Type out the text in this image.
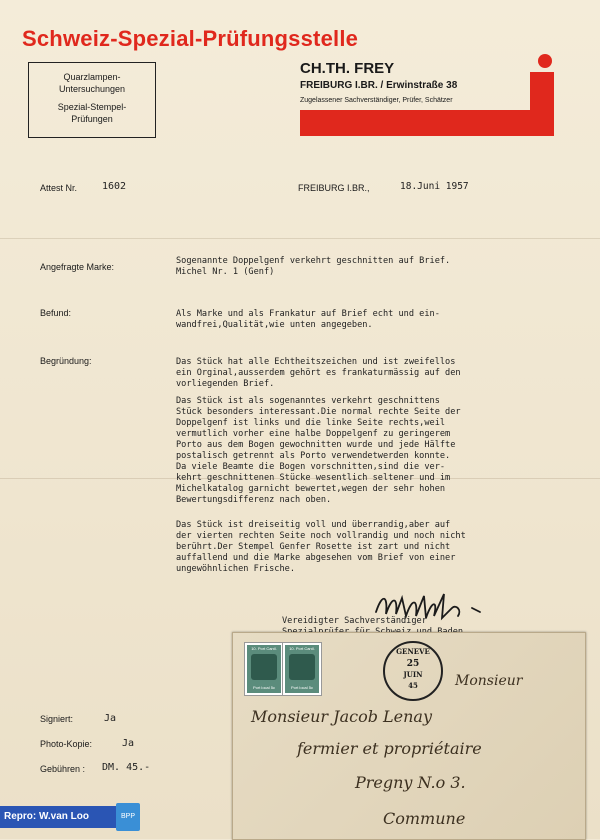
Schweiz-Spezial-Prüfungsstelle
Quarzlampen-
Untersuchungen
Spezial-Stempel-
Prüfungen
CH.TH. FREY
FREIBURG I.BR. / Erwinstraße 38
Zugelassener Sachverständiger, Prüfer, Schätzer
Attest Nr. 1602	FREIBURG I.BR.,	18.Juni 1957
Angefragte Marke:
Sogenannte Doppelgenf verkehrt geschnitten auf Brief.
Michel Nr. 1 (Genf)
Befund:	Als Marke und als Frankatur auf Brief echt und ein-
wandfrei,Qualität,wie unten angegeben.
Begründung:	Das Stück hat alle Echtheitszeichen und ist zweifellos
ein Orginal,ausserdem gehört es frankaturmässig auf den
vorliegenden Brief.
Das Stück ist als sogenanntes verkehrt geschnittens
Stück besonders interessant.Die normal rechte Seite der
Doppelgenf ist links und die linke Seite rechts,weil
vermutlich vorher eine halbe Doppelgenf zu geringerem
Porto aus dem Bogen gewochnitten wurde und jede Hälfte
postalisch getrennt als Porto verwendetwerden konnte.
Da viele Beamte die Bogen vorschnitten,sind die ver-
kehrt geschnittenen Stücke wesentlich seltener und im
Michelkatalog garnicht bewertet,wegen der sehr hohen
Bewertungsdifferenz nach oben.
Das Stück ist dreiseitig voll und überrandig,aber auf
der vierten rechten Seite noch vollrandig und noch nicht
berührt.Der Stempel Genfer Rosette ist zart und nicht
auffallend und die Marke abgesehen vom Brief von einer
ungewöhnlichen Frische.
Vereidigter Sachverständiger
10. Port Cantl.
Port local 5c
10. Port Cantl.
Port local 5c
GENEVE
25
JUIN
45	Monsieur
Monsieur Jacob Lenay
fermier et propriétaire
Pregny N.o 3.
Commune
Signiert:	Ja
Photo-Kopie:	Ja
Gebühren : DM. 45.-
Repro: W.van Loo	BPP
